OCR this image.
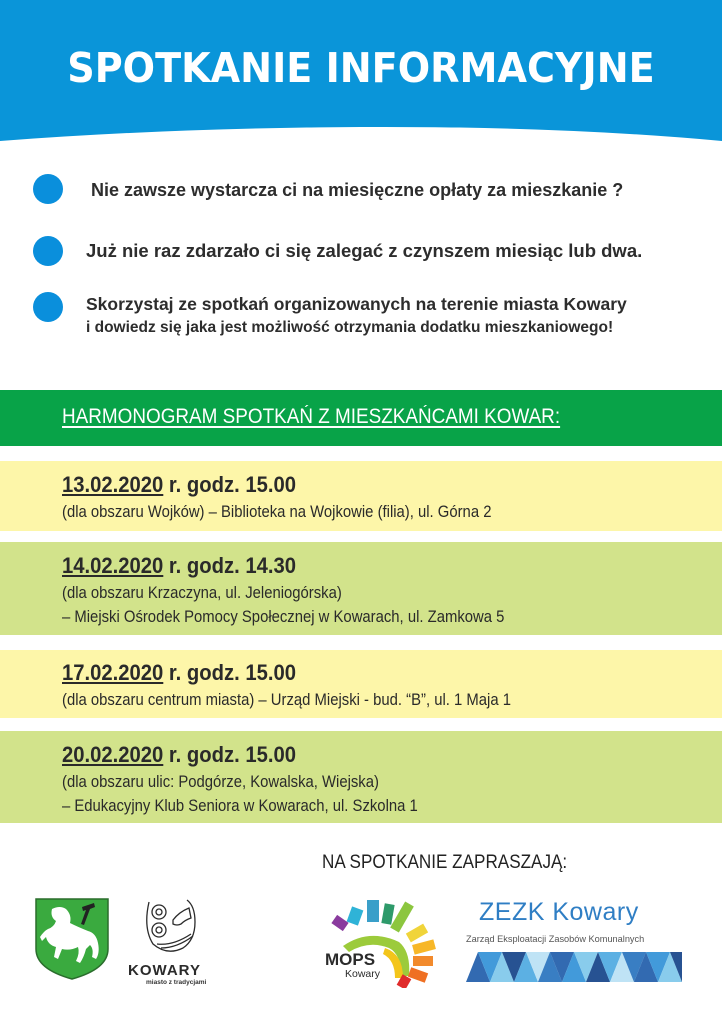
SPOTKANIE INFORMACYJNE
Nie zawsze wystarcza ci na miesięczne opłaty za mieszkanie ?
Już nie raz zdarzało ci się zalegać z czynszem miesiąc lub dwa.
Skorzystaj ze spotkań organizowanych na terenie miasta Kowary
i dowiedz się jaka jest możliwość otrzymania dodatku mieszkaniowego!
HARMONOGRAM SPOTKAŃ Z MIESZKAŃCAMI KOWAR:
13.02.2020 r. godz. 15.00
(dla obszaru Wojków) – Biblioteka na Wojkowie (filia), ul. Górna 2
14.02.2020 r. godz. 14.30
(dla obszaru Krzaczyna, ul. Jeleniogórska)
– Miejski Ośrodek Pomocy Społecznej w Kowarach, ul. Zamkowa 5
17.02.2020 r. godz. 15.00
(dla obszaru centrum miasta) – Urząd Miejski - bud. “B”, ul. 1 Maja 1
20.02.2020 r. godz. 15.00
(dla obszaru ulic: Podgórze, Kowalska, Wiejska)
– Edukacyjny Klub Seniora w Kowarach, ul. Szkolna 1
NA SPOTKANIE ZAPRASZAJĄ:
KOWARY
miasto z tradycjami
MOPS
Kowary
ZEZK Kowary
Zarząd Eksploatacji Zasobów Komunalnych
